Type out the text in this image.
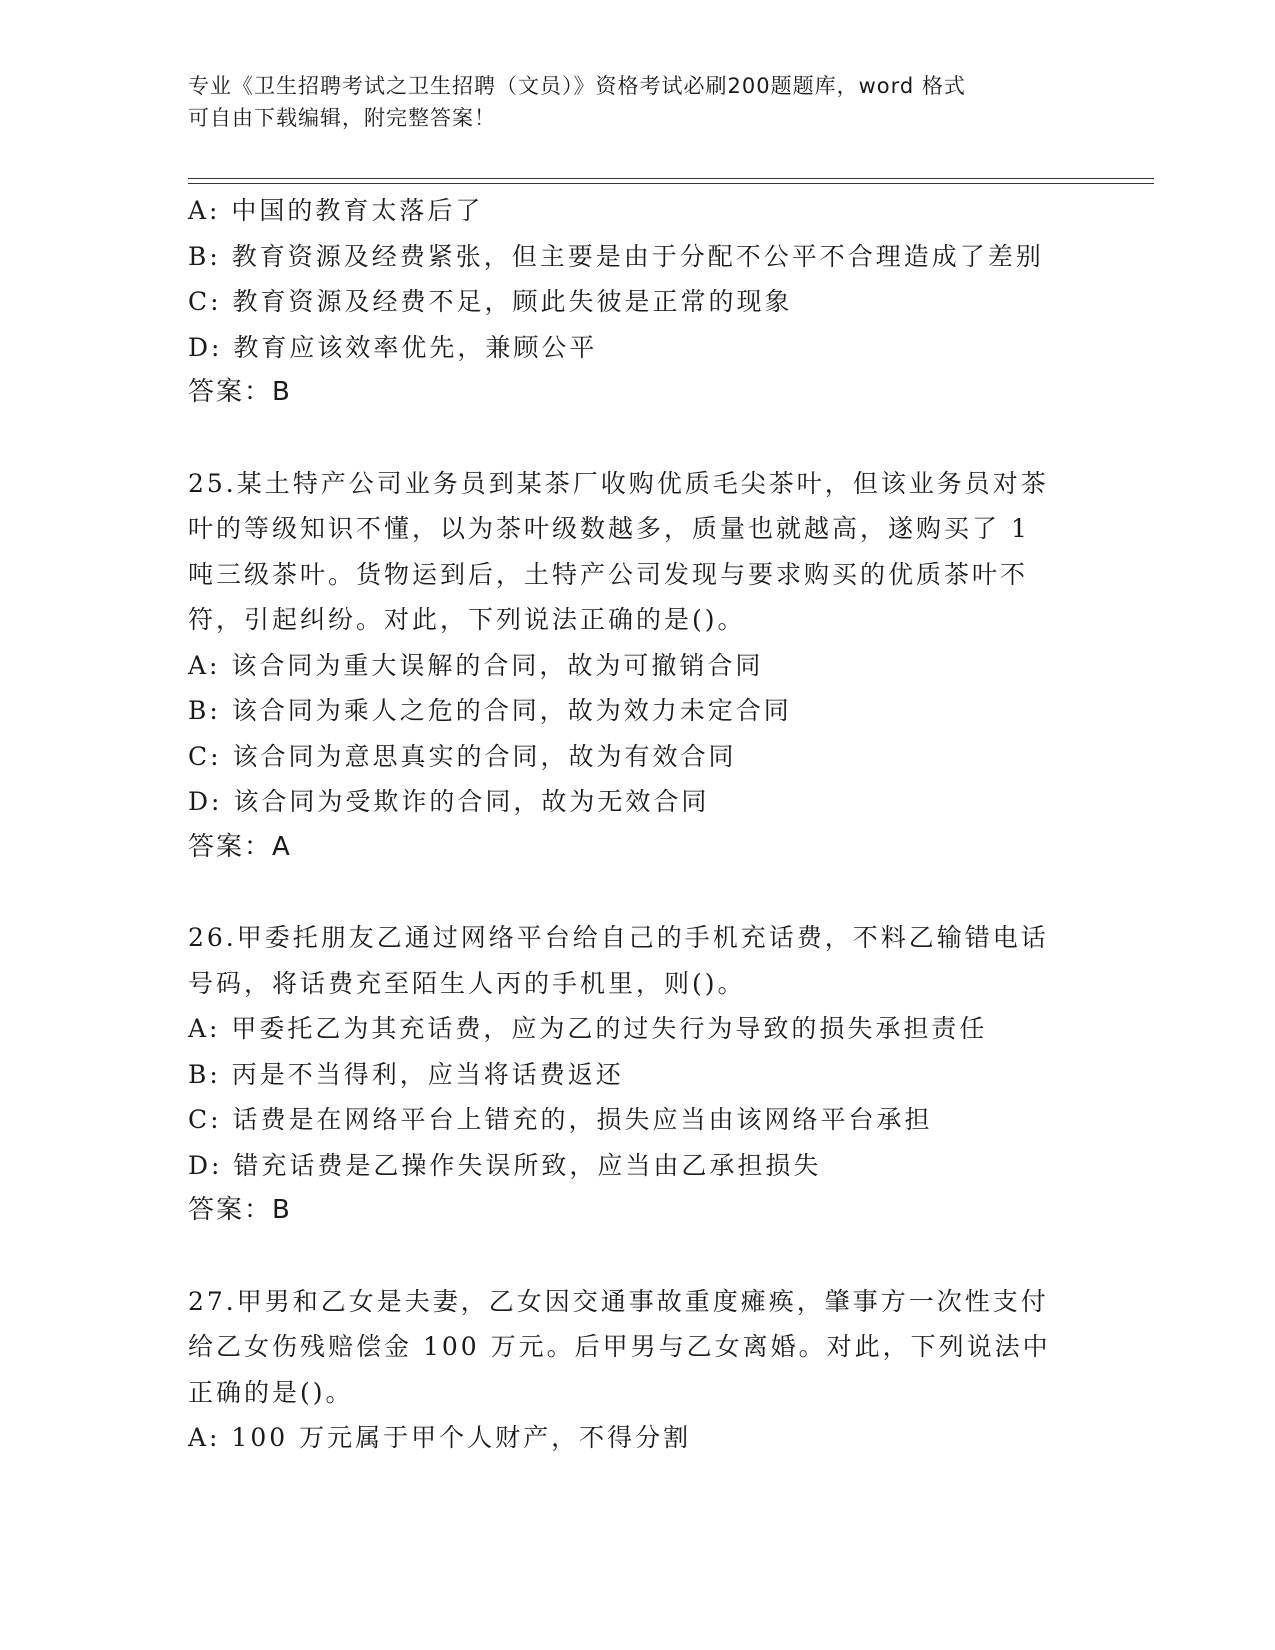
专业《卫生招聘考试之卫生招聘（文员）》资格考试必刷200题题库，word 格式
可自由下载编辑，附完整答案！
A: 中国的教育太落后了
B: 教育资源及经费紧张，但主要是由于分配不公平不合理造成了差别
C: 教育资源及经费不足，顾此失彼是正常的现象
D: 教育应该效率优先，兼顾公平
答案：B
25.某土特产公司业务员到某茶厂收购优质毛尖茶叶，但该业务员对茶
叶的等级知识不懂，以为茶叶级数越多，质量也就越高，遂购买了 1
吨三级茶叶。货物运到后，土特产公司发现与要求购买的优质茶叶不
符，引起纠纷。对此，下列说法正确的是()。
A: 该合同为重大误解的合同，故为可撤销合同
B: 该合同为乘人之危的合同，故为效力未定合同
C: 该合同为意思真实的合同，故为有效合同
D: 该合同为受欺诈的合同，故为无效合同
答案：A
26.甲委托朋友乙通过网络平台给自己的手机充话费，不料乙输错电话
号码，将话费充至陌生人丙的手机里，则()。
A: 甲委托乙为其充话费，应为乙的过失行为导致的损失承担责任
B: 丙是不当得利，应当将话费返还
C: 话费是在网络平台上错充的，损失应当由该网络平台承担
D: 错充话费是乙操作失误所致，应当由乙承担损失
答案：B
27.甲男和乙女是夫妻，乙女因交通事故重度瘫痪，肇事方一次性支付
给乙女伤残赔偿金 100 万元。后甲男与乙女离婚。对此，下列说法中
正确的是()。
A: 100 万元属于甲个人财产，不得分割
